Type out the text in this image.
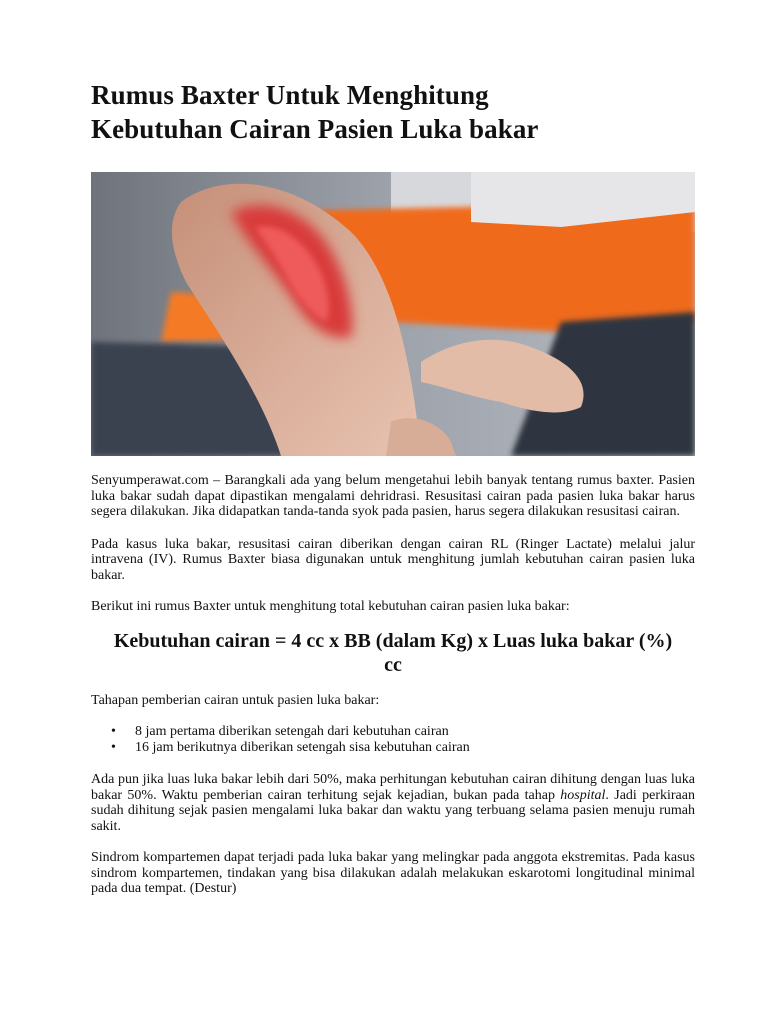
Rumus Baxter Untuk Menghitung
Kebutuhan Cairan Pasien Luka bakar

Senyumperawat.com – Barangkali ada yang belum mengetahui lebih banyak tentang rumus baxter. Pasien luka bakar sudah dapat dipastikan mengalami dehridrasi. Resusitasi cairan pada pasien luka bakar harus segera dilakukan. Jika didapatkan tanda-tanda syok pada pasien, harus segera dilakukan resusitasi cairan.

Pada kasus luka bakar, resusitasi cairan diberikan dengan cairan RL (Ringer Lactate) melalui jalur intravena (IV). Rumus Baxter biasa digunakan untuk menghitung jumlah kebutuhan cairan pasien luka bakar.

Berikut ini rumus Baxter untuk menghitung total kebutuhan cairan pasien luka bakar:

Kebutuhan cairan = 4 cc x BB (dalam Kg) x Luas luka bakar (%) cc

Tahapan pemberian cairan untuk pasien luka bakar:

• 8 jam pertama diberikan setengah dari kebutuhan cairan
• 16 jam berikutnya diberikan setengah sisa kebutuhan cairan

Ada pun jika luas luka bakar lebih dari 50%, maka perhitungan kebutuhan cairan dihitung dengan luas luka bakar 50%. Waktu pemberian cairan terhitung sejak kejadian, bukan pada tahap hospital. Jadi perkiraan sudah dihitung sejak pasien mengalami luka bakar dan waktu yang terbuang selama pasien menuju rumah sakit.

Sindrom kompartemen dapat terjadi pada luka bakar yang melingkar pada anggota ekstremitas. Pada kasus sindrom kompartemen, tindakan yang bisa dilakukan adalah melakukan eskarotomi longitudinal minimal pada dua tempat. (Destur)
